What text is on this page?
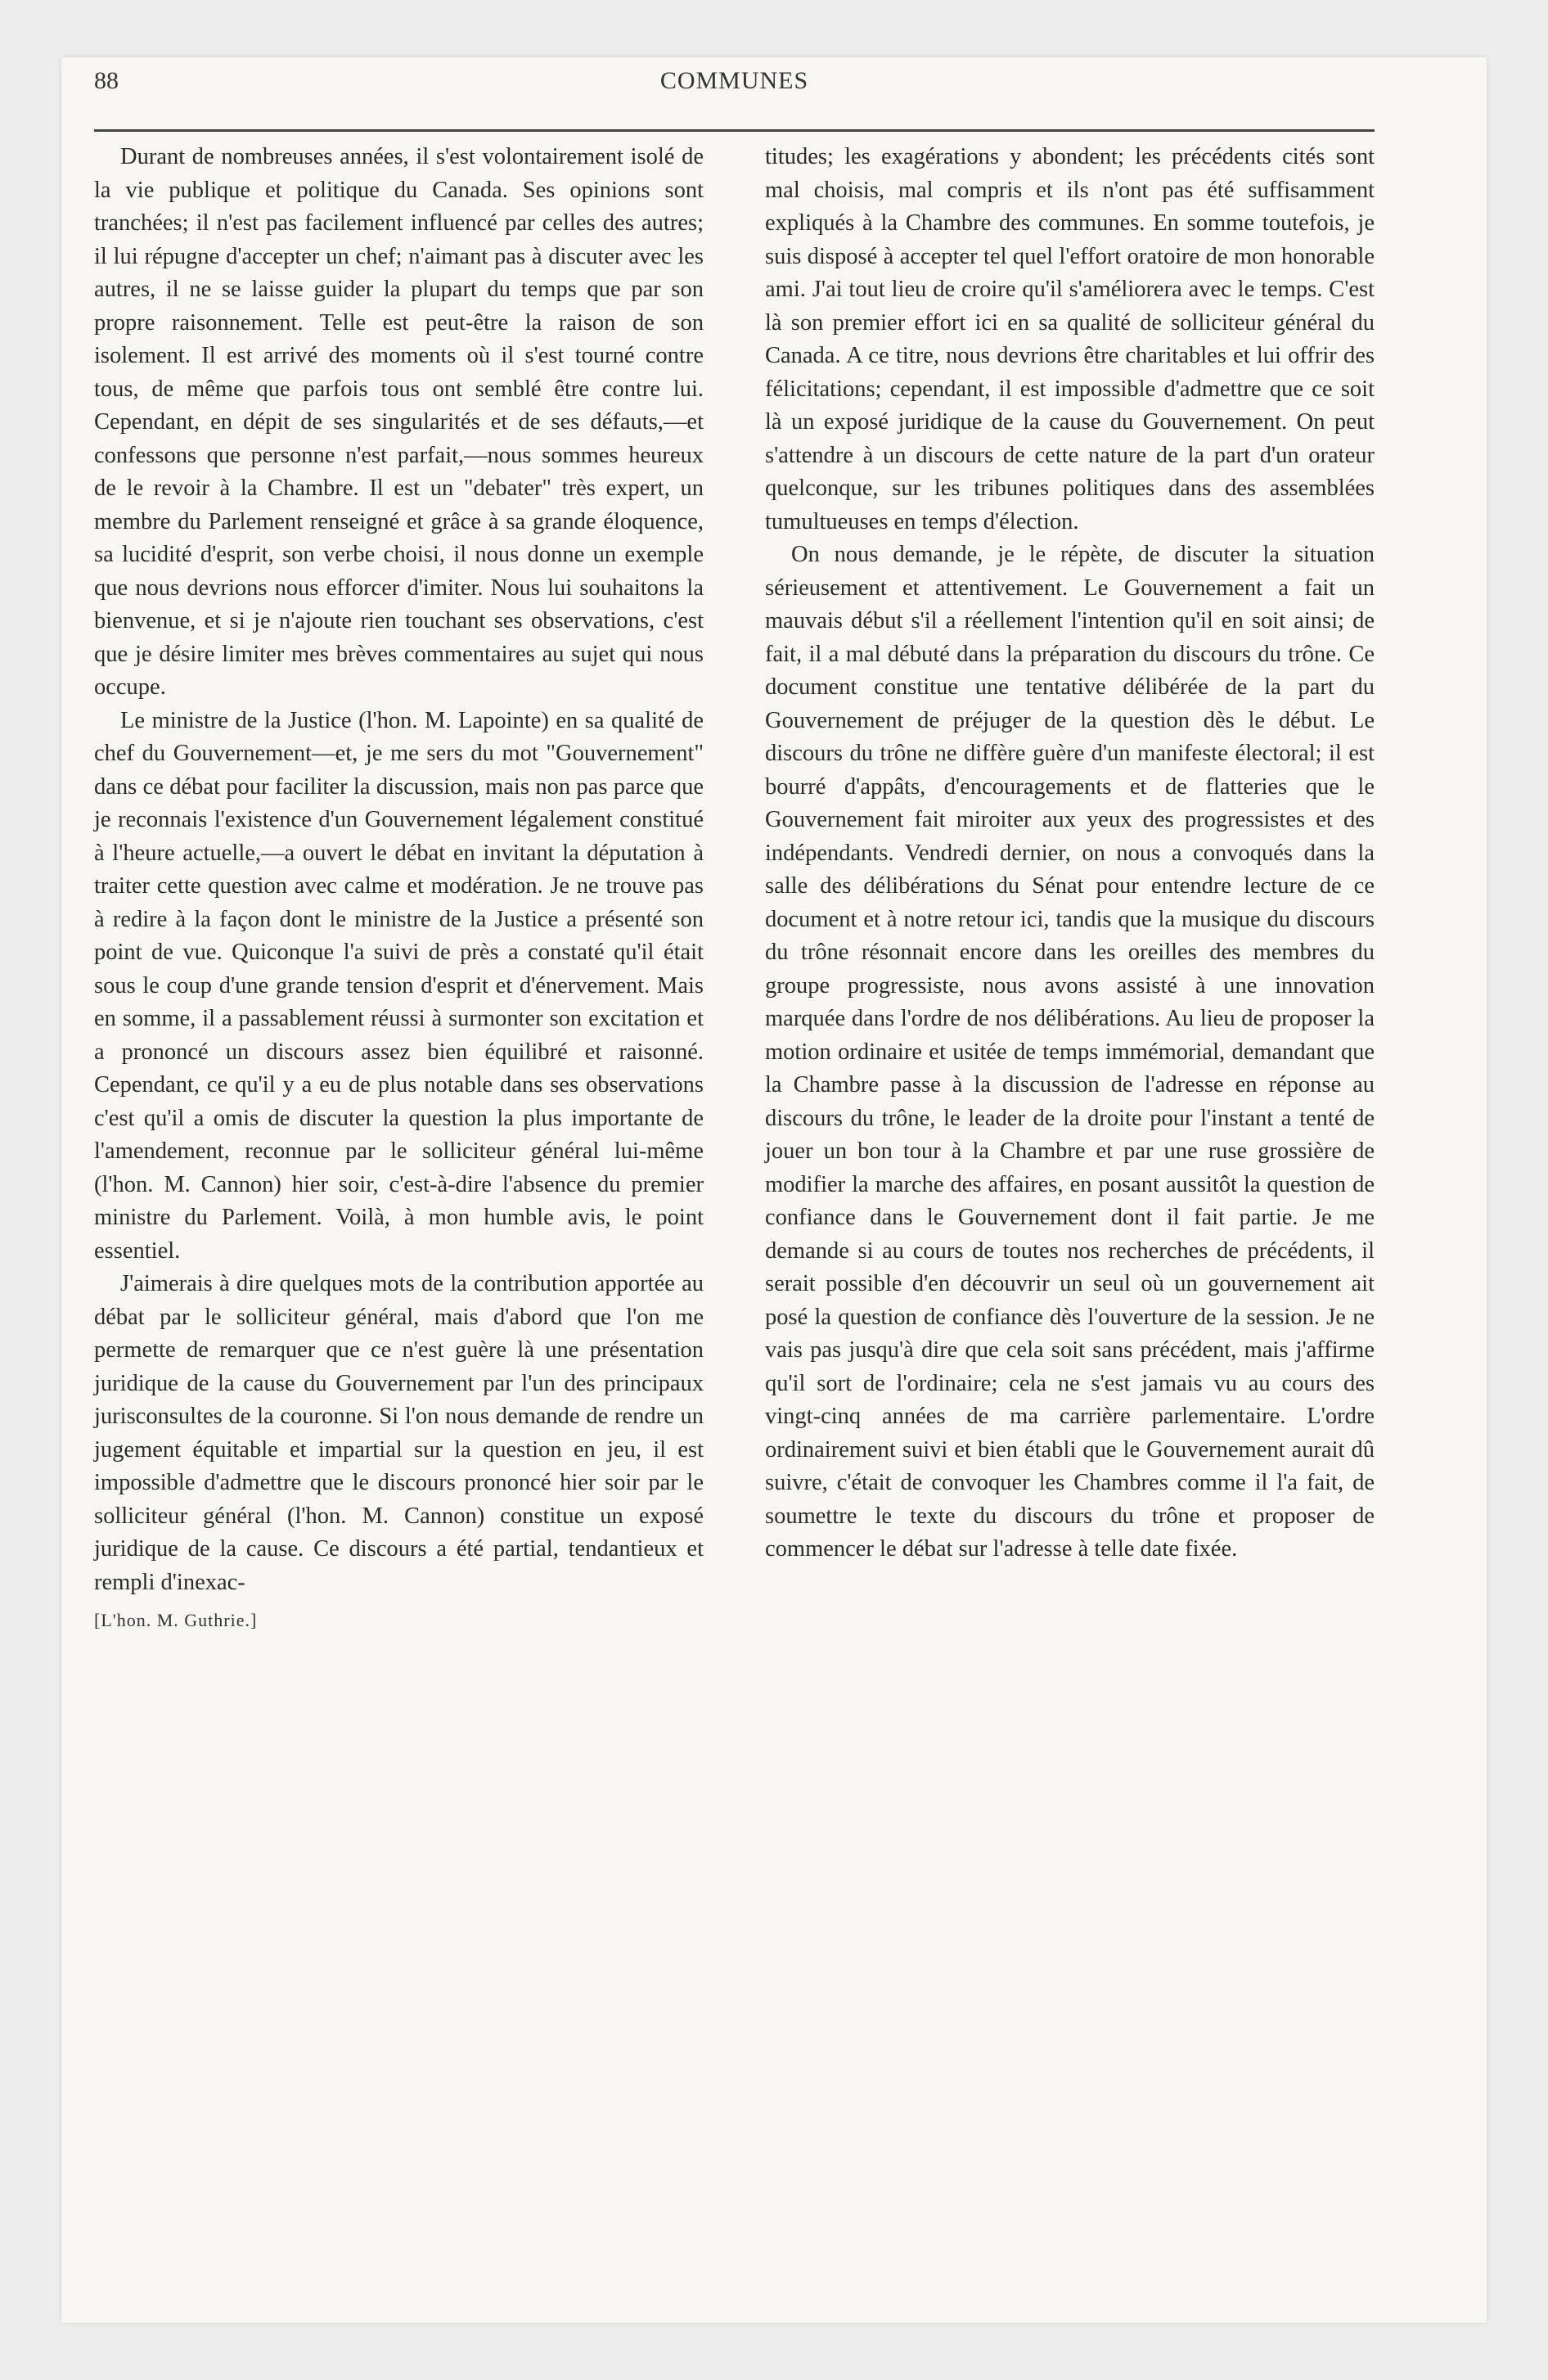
88	COMMUNES

Durant de nombreuses années, il s'est volontairement isolé de la vie publique et politique du Canada. Ses opinions sont tranchées; il n'est pas facilement influencé par celles des autres; il lui répugne d'accepter un chef; n'aimant pas à discuter avec les autres, il ne se laisse guider la plupart du temps que par son propre raisonnement. Telle est peut-être la raison de son isolement. Il est arrivé des moments où il s'est tourné contre tous, de même que parfois tous ont semblé être contre lui. Cependant, en dépit de ses singularités et de ses défauts,—et confessons que personne n'est parfait,—nous sommes heureux de le revoir à la Chambre. Il est un "debater" très expert, un membre du Parlement renseigné et grâce à sa grande éloquence, sa lucidité d'esprit, son verbe choisi, il nous donne un exemple que nous devrions nous efforcer d'imiter. Nous lui souhaitons la bienvenue, et si je n'ajoute rien touchant ses observations, c'est que je désire limiter mes brèves commentaires au sujet qui nous occupe.

Le ministre de la Justice (l'hon. M. Lapointe) en sa qualité de chef du Gouvernement—et, je me sers du mot "Gouvernement" dans ce débat pour faciliter la discussion, mais non pas parce que je reconnais l'existence d'un Gouvernement légalement constitué à l'heure actuelle,—a ouvert le débat en invitant la députation à traiter cette question avec calme et modération. Je ne trouve pas à redire à la façon dont le ministre de la Justice a présenté son point de vue. Quiconque l'a suivi de près a constaté qu'il était sous le coup d'une grande tension d'esprit et d'énervement. Mais en somme, il a passablement réussi à surmonter son excitation et a prononcé un discours assez bien équilibré et raisonné. Cependant, ce qu'il y a eu de plus notable dans ses observations c'est qu'il a omis de discuter la question la plus importante de l'amendement, reconnue par le solliciteur général lui-même (l'hon. M. Cannon) hier soir, c'est-à-dire l'absence du premier ministre du Parlement. Voilà, à mon humble avis, le point essentiel.

J'aimerais à dire quelques mots de la contribution apportée au débat par le solliciteur général, mais d'abord que l'on me permette de remarquer que ce n'est guère là une présentation juridique de la cause du Gouvernement par l'un des principaux jurisconsultes de la couronne. Si l'on nous demande de rendre un jugement équitable et impartial sur la question en jeu, il est impossible d'admettre que le discours prononcé hier soir par le solliciteur général (l'hon. M. Cannon) constitue un exposé juridique de la cause. Ce discours a été partial, tendantieux et rempli d'inexac-

[L'hon. M. Guthrie.]

titudes; les exagérations y abondent; les précédents cités sont mal choisis, mal compris et ils n'ont pas été suffisamment expliqués à la Chambre des communes. En somme toutefois, je suis disposé à accepter tel quel l'effort oratoire de mon honorable ami. J'ai tout lieu de croire qu'il s'améliorera avec le temps. C'est là son premier effort ici en sa qualité de solliciteur général du Canada. A ce titre, nous devrions être charitables et lui offrir des félicitations; cependant, il est impossible d'admettre que ce soit là un exposé juridique de la cause du Gouvernement. On peut s'attendre à un discours de cette nature de la part d'un orateur quelconque, sur les tribunes politiques dans des assemblées tumultueuses en temps d'élection.

On nous demande, je le répète, de discuter la situation sérieusement et attentivement. Le Gouvernement a fait un mauvais début s'il a réellement l'intention qu'il en soit ainsi; de fait, il a mal débuté dans la préparation du discours du trône. Ce document constitue une tentative délibérée de la part du Gouvernement de préjuger de la question dès le début. Le discours du trône ne diffère guère d'un manifeste électoral; il est bourré d'appâts, d'encouragements et de flatteries que le Gouvernement fait miroiter aux yeux des progressistes et des indépendants. Vendredi dernier, on nous a convoqués dans la salle des délibérations du Sénat pour entendre lecture de ce document et à notre retour ici, tandis que la musique du discours du trône résonnait encore dans les oreilles des membres du groupe progressiste, nous avons assisté à une innovation marquée dans l'ordre de nos délibérations. Au lieu de proposer la motion ordinaire et usitée de temps immémorial, demandant que la Chambre passe à la discussion de l'adresse en réponse au discours du trône, le leader de la droite pour l'instant a tenté de jouer un bon tour à la Chambre et par une ruse grossière de modifier la marche des affaires, en posant aussitôt la question de confiance dans le Gouvernement dont il fait partie. Je me demande si au cours de toutes nos recherches de précédents, il serait possible d'en découvrir un seul où un gouvernement ait posé la question de confiance dès l'ouverture de la session. Je ne vais pas jusqu'à dire que cela soit sans précédent, mais j'affirme qu'il sort de l'ordinaire; cela ne s'est jamais vu au cours des vingt-cinq années de ma carrière parlementaire. L'ordre ordinairement suivi et bien établi que le Gouvernement aurait dû suivre, c'était de convoquer les Chambres comme il l'a fait, de soumettre le texte du discours du trône et proposer de commencer le débat sur l'adresse à telle date fixée.
